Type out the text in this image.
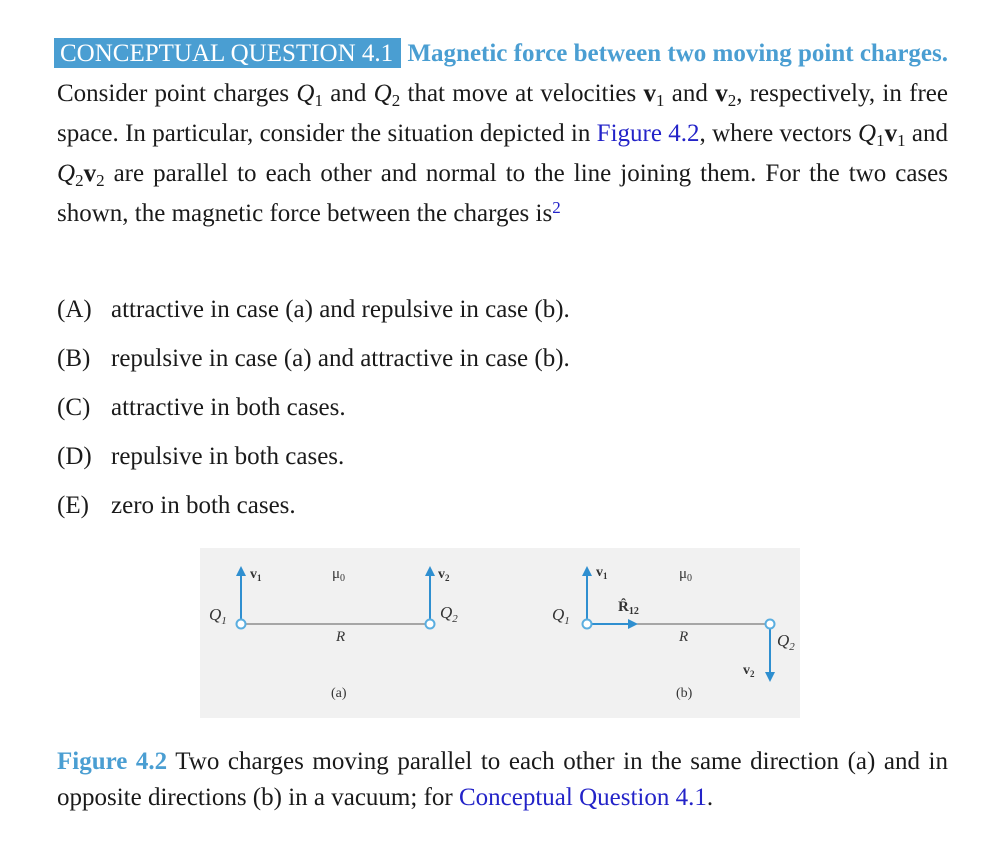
CONCEPTUAL QUESTION 4.1 Magnetic force between two moving point charges. Consider point charges $Q_1$ and $Q_2$ that move at velocities $v_1$ and $v_2$, respectively, in free space. In particular, consider the situation depicted in Figure 4.2, where vectors $Q_1v_1$ and $Q_2v_2$ are parallel to each other and normal to the line joining them. For the two cases shown, the magnetic force between the charges $is^2$

(A) attractive in case (a) and repulsive in case (b).
(B) repulsive in case (a) and attractive in case (b).
(C) attractive in both cases.
(D) repulsive in both cases.
(E) zero in both cases.
$Q_1$	$Q_2$
$v_1$	$v_2$
$\mu_0$
R
(a)
$Q_1$
$Q_2$
$v_1$
$v_2$
$R̂_{12}$
$\mu_0$
R
(b)

Figure 4.2 Two charges moving parallel to each other in the same direction (a) and in opposite directions (b) in a vacuum; for Conceptual Question 4.1.
